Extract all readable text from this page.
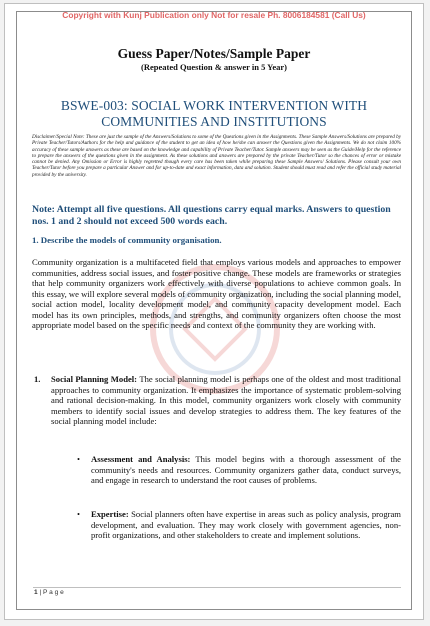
Copyright with Kunj Publication only Not for resale Ph. 8006184581 (Call Us)
Guess Paper/Notes/Sample Paper
(Repeated Question & answer in 5 Year)
BSWE-003: SOCIAL WORK INTERVENTION WITH
COMMUNITIES AND INSTITUTIONS
Disclaimer/Special Note: These are just the sample of the Answers/Solutions to some of the Questions given in the Assignments. These Sample Answers/Solutions are prepared by Private Teacher/Tutors/Authors for the help and guidance of the student to get an idea of how he/she can answer the Questions given the Assignments. We do not claim 100% accuracy of these sample answers as these are based on the knowledge and capability of Private Teacher/Tutor. Sample answers may be seen as the Guide/Help for the reference to prepare the answers of the questions given in the assignment. As these solutions and answers are prepared by the private Teacher/Tutor so the chances of error or mistake cannot be denied. Any Omission or Error is highly regretted though every care has been taken while preparing these Sample Answers/ Solutions. Please consult your own Teacher/Tutor before you prepare a particular Answer and for up-to-date and exact information, data and solution. Student should must read and refer the official study material provided by the university.
Note: Attempt all five questions. All questions carry equal marks. Answers to question nos. 1 and 2 should not exceed 500 words each.
1. Describe the models of community organisation.
Community organization is a multifaceted field that employs various models and approaches to empower communities, address social issues, and foster positive change. These models are frameworks or strategies that help community organizers work effectively with diverse populations to achieve common goals. In this essay, we will explore several models of community organization, including the social planning model, social action model, locality development model, and community capacity development model. Each model has its own principles, methods, and strengths, and community organizers often choose the most appropriate model based on the specific needs and context of the community they are working with.
1. Social Planning Model: The social planning model is perhaps one of the oldest and most traditional approaches to community organization. It emphasizes the importance of systematic problem-solving and rational decision-making. In this model, community organizers work closely with community members to identify social issues and develop strategies to address them. The key features of the social planning model include:
• Assessment and Analysis: This model begins with a thorough assessment of the community's needs and resources. Community organizers gather data, conduct surveys, and engage in research to understand the root causes of problems.
• Expertise: Social planners often have expertise in areas such as policy analysis, program development, and evaluation. They may work closely with government agencies, non-profit organizations, and other stakeholders to create and implement solutions.
1 | P a g e
